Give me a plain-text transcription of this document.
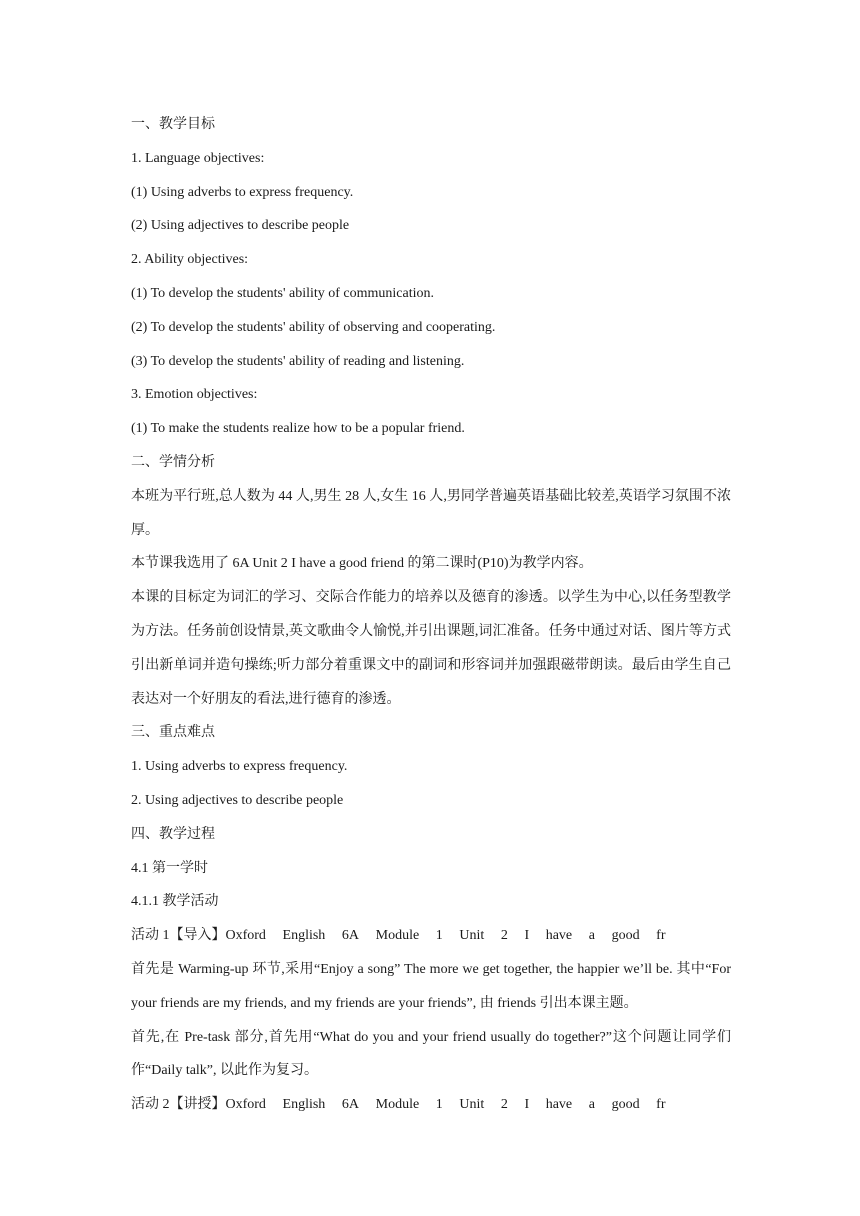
一、教学目标
1. Language objectives:
(1) Using adverbs to express frequency.
(2) Using adjectives to describe people
2. Ability objectives:
(1) To develop the students' ability of communication.
(2) To develop the students' ability of observing and cooperating.
(3) To develop the students' ability of reading and listening.
3. Emotion objectives:
(1) To make the students realize how to be a popular friend.
二、学情分析
本班为平行班,总人数为 44 人,男生 28 人,女生 16 人,男同学普遍英语基础比较差,英语学习氛围不浓厚。
本节课我选用了 6A Unit 2 I have a good friend 的第二课时(P10)为教学内容。
本课的目标定为词汇的学习、交际合作能力的培养以及德育的渗透。以学生为中心,以任务型教学为方法。任务前创设情景,英文歌曲令人愉悦,并引出课题,词汇准备。任务中通过对话、图片等方式引出新单词并造句操练;听力部分着重课文中的副词和形容词并加强跟磁带朗读。最后由学生自己表达对一个好朋友的看法,进行德育的渗透。
三、重点难点
1. Using adverbs to express frequency.
2. Using adjectives to describe people
四、教学过程
4.1 第一学时
4.1.1 教学活动
活动 1【导入】 Oxford English 6A Module 1 Unit 2 I have a good fr
首先是 Warming-up 环节,采用“Enjoy a song” The more we get together, the happier we’ll be. 其中“For your friends are my friends, and my friends are your friends”, 由 friends 引出本课主题。
首先,在 Pre-task 部分,首先用“What do you and your friend usually do together?”这个问题让同学们作“Daily talk”, 以此作为复习。
活动 2【讲授】 Oxford English 6A Module 1 Unit 2 I have a good fr
